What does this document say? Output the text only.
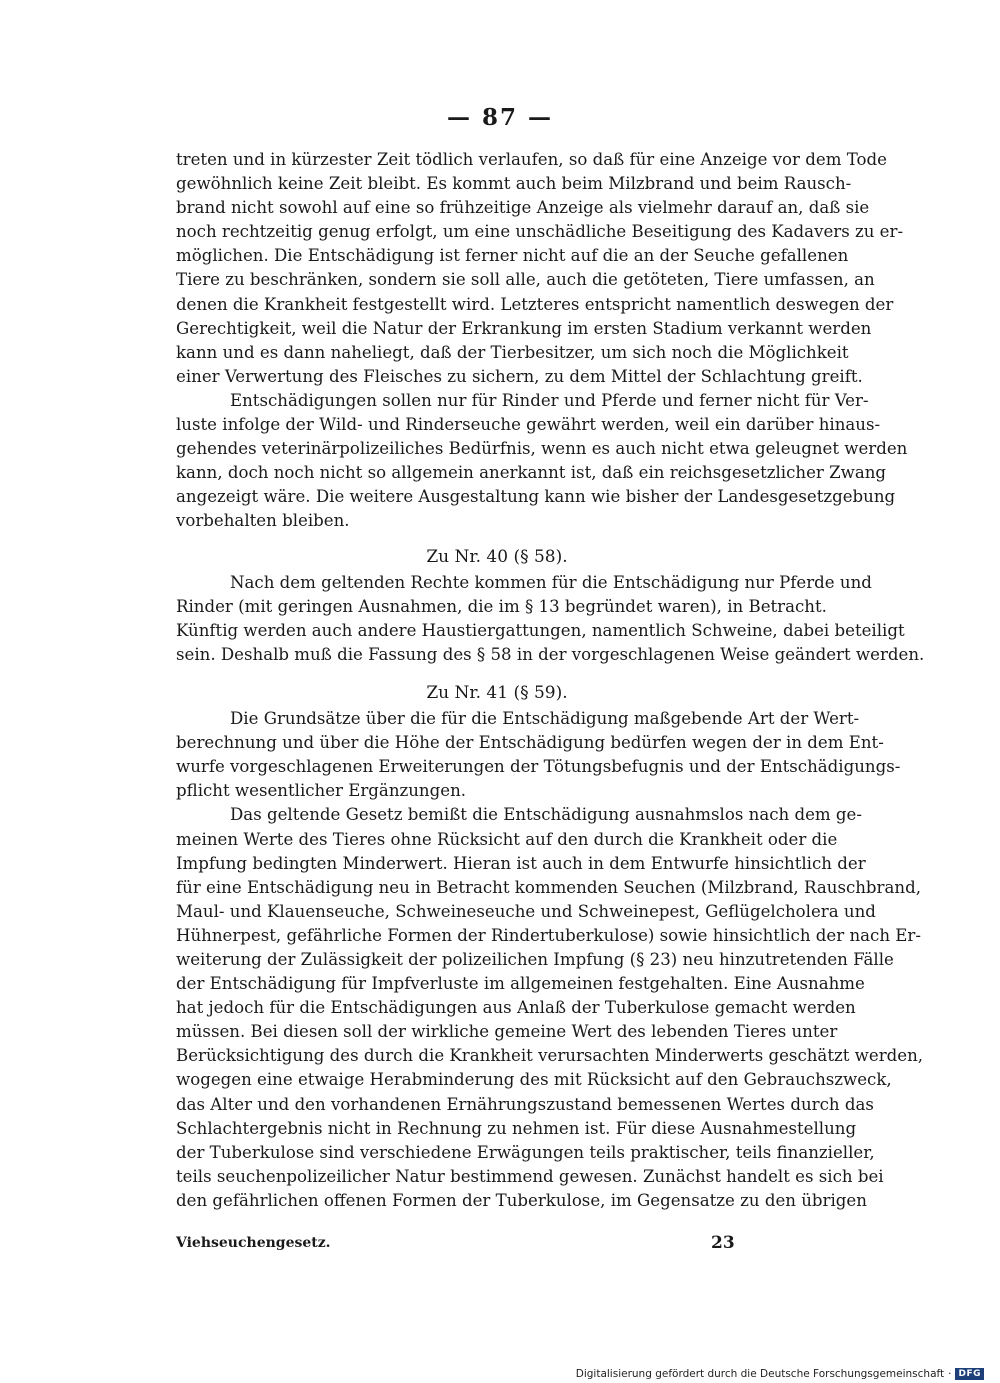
— 87 —
treten und in kürzester Zeit tödlich verlaufen, so daß für eine Anzeige vor dem Tode
gewöhnlich keine Zeit bleibt. Es kommt auch beim Milzbrand und beim Rausch-
brand nicht sowohl auf eine so frühzeitige Anzeige als vielmehr darauf an, daß sie
noch rechtzeitig genug erfolgt, um eine unschädliche Beseitigung des Kadavers zu er-
möglichen. Die Entschädigung ist ferner nicht auf die an der Seuche gefallenen
Tiere zu beschränken, sondern sie soll alle, auch die getöteten, Tiere umfassen, an
denen die Krankheit festgestellt wird. Letzteres entspricht namentlich deswegen der
Gerechtigkeit, weil die Natur der Erkrankung im ersten Stadium verkannt werden
kann und es dann naheliegt, daß der Tierbesitzer, um sich noch die Möglichkeit
einer Verwertung des Fleisches zu sichern, zu dem Mittel der Schlachtung greift.
Entschädigungen sollen nur für Rinder und Pferde und ferner nicht für Ver-
luste infolge der Wild- und Rinderseuche gewährt werden, weil ein darüber hinaus-
gehendes veterinärpolizeiliches Bedürfnis, wenn es auch nicht etwa geleugnet werden
kann, doch noch nicht so allgemein anerkannt ist, daß ein reichsgesetzlicher Zwang
angezeigt wäre. Die weitere Ausgestaltung kann wie bisher der Landesgesetzgebung
vorbehalten bleiben.
Zu Nr. 40 (§ 58).
Nach dem geltenden Rechte kommen für die Entschädigung nur Pferde und
Rinder (mit geringen Ausnahmen, die im § 13 begründet waren), in Betracht.
Künftig werden auch andere Haustiergattungen, namentlich Schweine, dabei beteiligt
sein. Deshalb muß die Fassung des § 58 in der vorgeschlagenen Weise geändert werden.
Zu Nr. 41 (§ 59).
Die Grundsätze über die für die Entschädigung maßgebende Art der Wert-
berechnung und über die Höhe der Entschädigung bedürfen wegen der in dem Ent-
wurfe vorgeschlagenen Erweiterungen der Tötungsbefugnis und der Entschädigungs-
pflicht wesentlicher Ergänzungen.
Das geltende Gesetz bemißt die Entschädigung ausnahmslos nach dem ge-
meinen Werte des Tieres ohne Rücksicht auf den durch die Krankheit oder die
Impfung bedingten Minderwert. Hieran ist auch in dem Entwurfe hinsichtlich der
für eine Entschädigung neu in Betracht kommenden Seuchen (Milzbrand, Rauschbrand,
Maul- und Klauenseuche, Schweineseuche und Schweinepest, Geflügelcholera und
Hühnerpest, gefährliche Formen der Rindertuberkulose) sowie hinsichtlich der nach Er-
weiterung der Zulässigkeit der polizeilichen Impfung (§ 23) neu hinzutretenden Fälle
der Entschädigung für Impfverluste im allgemeinen festgehalten. Eine Ausnahme
hat jedoch für die Entschädigungen aus Anlaß der Tuberkulose gemacht werden
müssen. Bei diesen soll der wirkliche gemeine Wert des lebenden Tieres unter
Berücksichtigung des durch die Krankheit verursachten Minderwerts geschätzt werden,
wogegen eine etwaige Herabminderung des mit Rücksicht auf den Gebrauchszweck,
das Alter und den vorhandenen Ernährungszustand bemessenen Wertes durch das
Schlachtergebnis nicht in Rechnung zu nehmen ist. Für diese Ausnahmestellung
der Tuberkulose sind verschiedene Erwägungen teils praktischer, teils finanzieller,
teils seuchenpolizeilicher Natur bestimmend gewesen. Zunächst handelt es sich bei
den gefährlichen offenen Formen der Tuberkulose, im Gegensatze zu den übrigen
Viehseuchengesetz.	23
Digitalisierung gefördert durch die Deutsche Forschungsgemeinschaft · DFG
